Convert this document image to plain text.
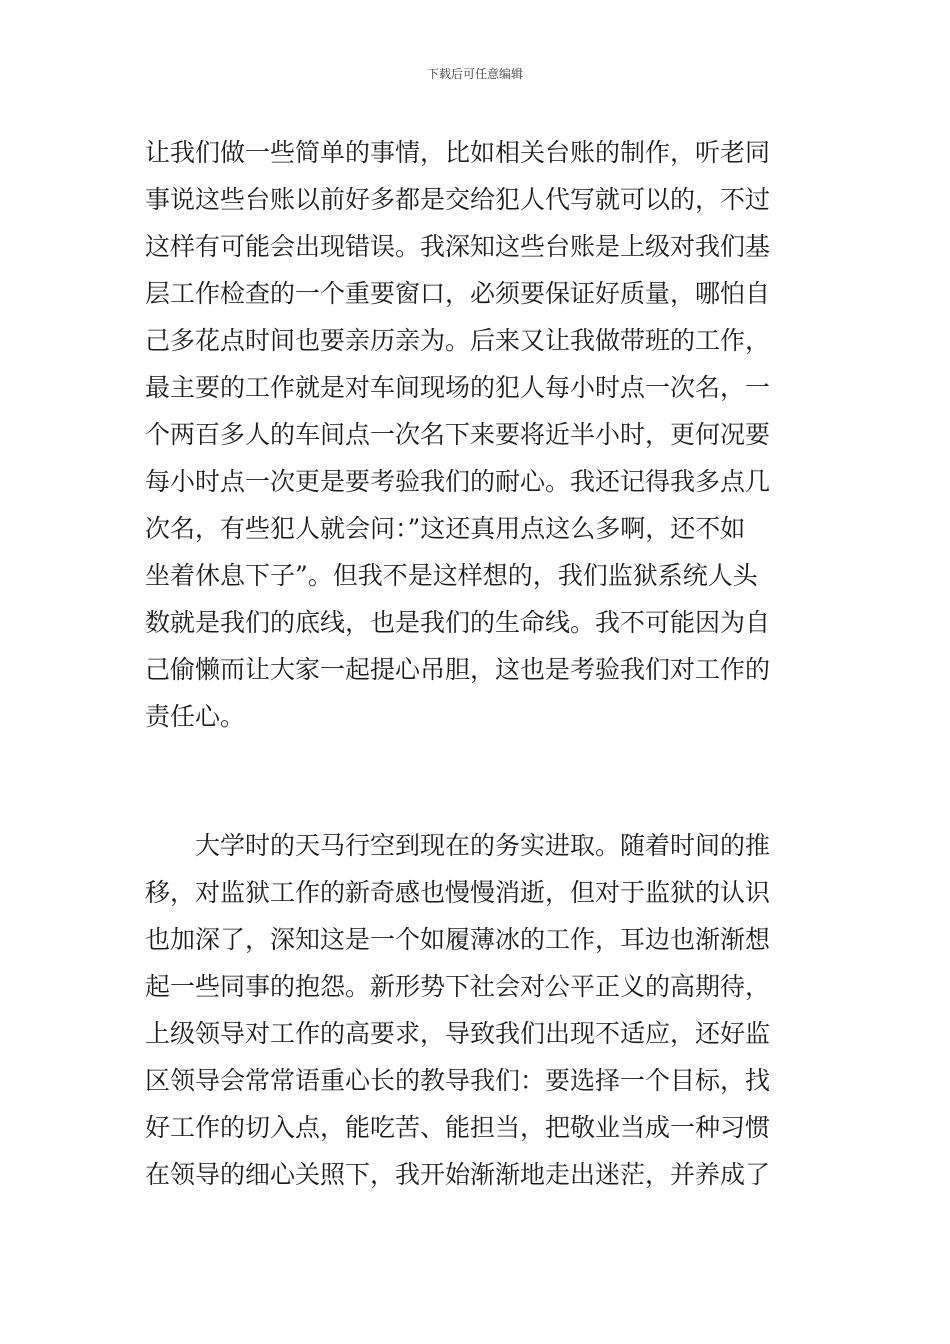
下载后可任意编辑
让我们做一些简单的事情，比如相关台账的制作，听老同
事说这些台账以前好多都是交给犯人代写就可以的，不过
这样有可能会出现错误。我深知这些台账是上级对我们基
层工作检查的一个重要窗口，必须要保证好质量，哪怕自
己多花点时间也要亲历亲为。后来又让我做带班的工作，
最主要的工作就是对车间现场的犯人每小时点一次名，一
个两百多人的车间点一次名下来要将近半小时，更何况要
每小时点一次更是要考验我们的耐心。我还记得我多点几
次名，有些犯人就会问：”这还真用点这么多啊，还不如
坐着休息下子”。但我不是这样想的，我们监狱系统人头
数就是我们的底线，也是我们的生命线。我不可能因为自
己偷懒而让大家一起提心吊胆，这也是考验我们对工作的
责任心。
　　大学时的天马行空到现在的务实进取。随着时间的推
移，对监狱工作的新奇感也慢慢消逝，但对于监狱的认识
也加深了，深知这是一个如履薄冰的工作，耳边也渐渐想
起一些同事的抱怨。新形势下社会对公平正义的高期待，
上级领导对工作的高要求，导致我们出现不适应，还好监
区领导会常常语重心长的教导我们：要选择一个目标，找
好工作的切入点，能吃苦、能担当，把敬业当成一种习惯
在领导的细心关照下，我开始渐渐地走出迷茫，并养成了
